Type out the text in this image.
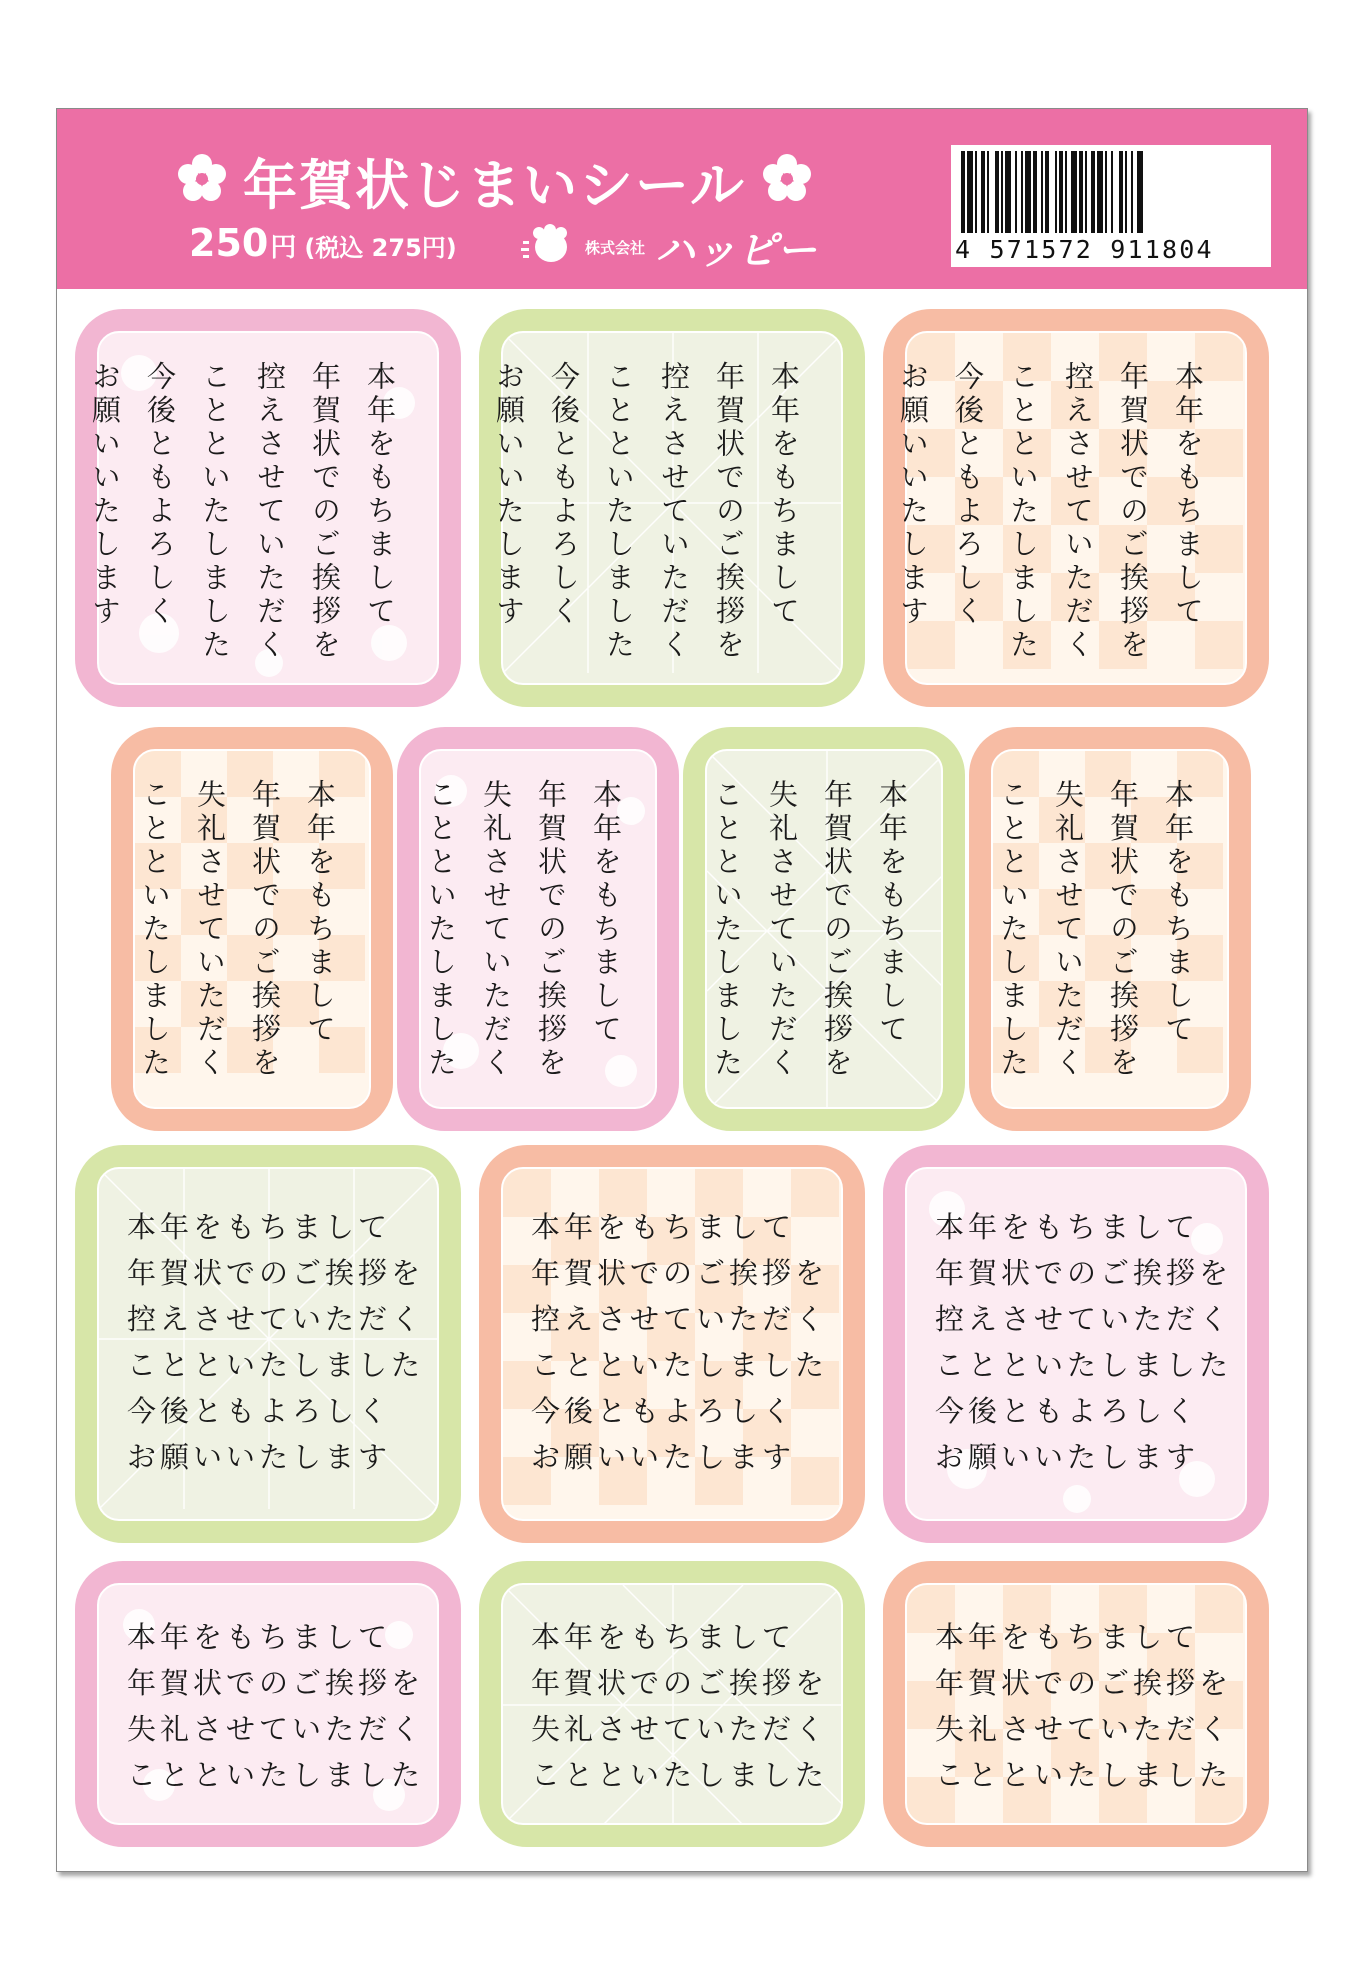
年賀状じまいシール
250 円 (税込 275円)	株式会社 ハッピー	4 571572 911804
本年をもちまして
年賀状でのご挨拶を
控えさせていただく
ことといたしました
今後ともよろしく
お願いいたします	本年をもちまして
年賀状でのご挨拶を
控えさせていただく
ことといたしました
今後ともよろしく
お願いいたします	本年をもちまして
年賀状でのご挨拶を
控えさせていただく
ことといたしました
今後ともよろしく
お願いいたします
本年をもちまして
年賀状でのご挨拶を
失礼させていただく
ことといたしました	本年をもちまして
年賀状でのご挨拶を
失礼させていただく
ことといたしました	本年をもちまして
年賀状でのご挨拶を
失礼させていただく
ことといたしました	本年をもちまして
年賀状でのご挨拶を
失礼させていただく
ことといたしました
本年をもちまして
年賀状でのご挨拶を
控えさせていただく
ことといたしました
今後ともよろしく
お願いいたします
本年をもちまして
年賀状でのご挨拶を
控えさせていただく
ことといたしました
今後ともよろしく
お願いいたします
本年をもちまして
年賀状でのご挨拶を
控えさせていただく
ことといたしました
今後ともよろしく
お願いいたします
本年をもちまして
年賀状でのご挨拶を
失礼させていただく
ことといたしました
本年をもちまして
年賀状でのご挨拶を
失礼させていただく
ことといたしました
本年をもちまして
年賀状でのご挨拶を
失礼させていただく
ことといたしました
